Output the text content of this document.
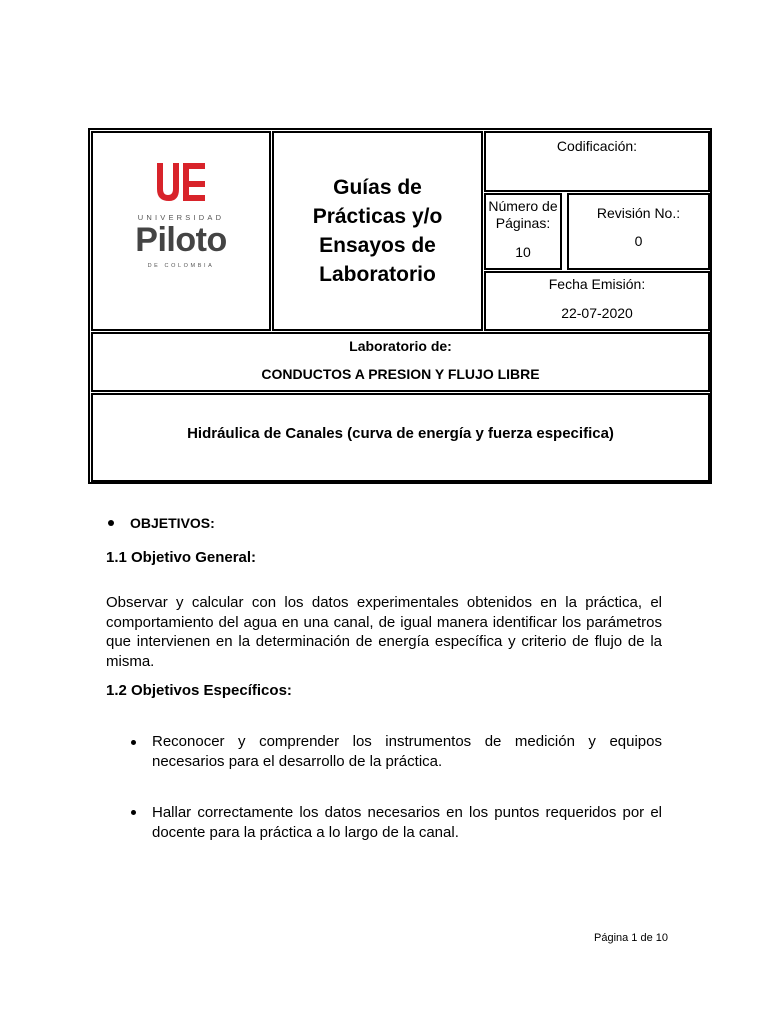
UNIVERSIDAD
Piloto
DE COLOMBIA
Guías de
Prácticas y/o
Ensayos de
Laboratorio
Codificación:
Número de
Páginas:
10
Revisión No.:
0
Fecha Emisión:
22-07-2020
Laboratorio de:
CONDUCTOS A PRESION Y FLUJO LIBRE
Hidráulica de Canales (curva de energía y fuerza especifica)
OBJETIVOS:
1.1 Objetivo General:
Observar y calcular con los datos experimentales obtenidos en la práctica, el comportamiento del agua en una canal, de igual manera identificar los parámetros que intervienen en la determinación de energía específica y criterio de flujo de la misma.
1.2 Objetivos Específicos:
Reconocer y comprender los instrumentos de medición y equipos necesarios para el desarrollo de la práctica.
Hallar correctamente los datos necesarios en los puntos requeridos por el docente para la práctica a lo largo de la canal.
Página 1 de 10
